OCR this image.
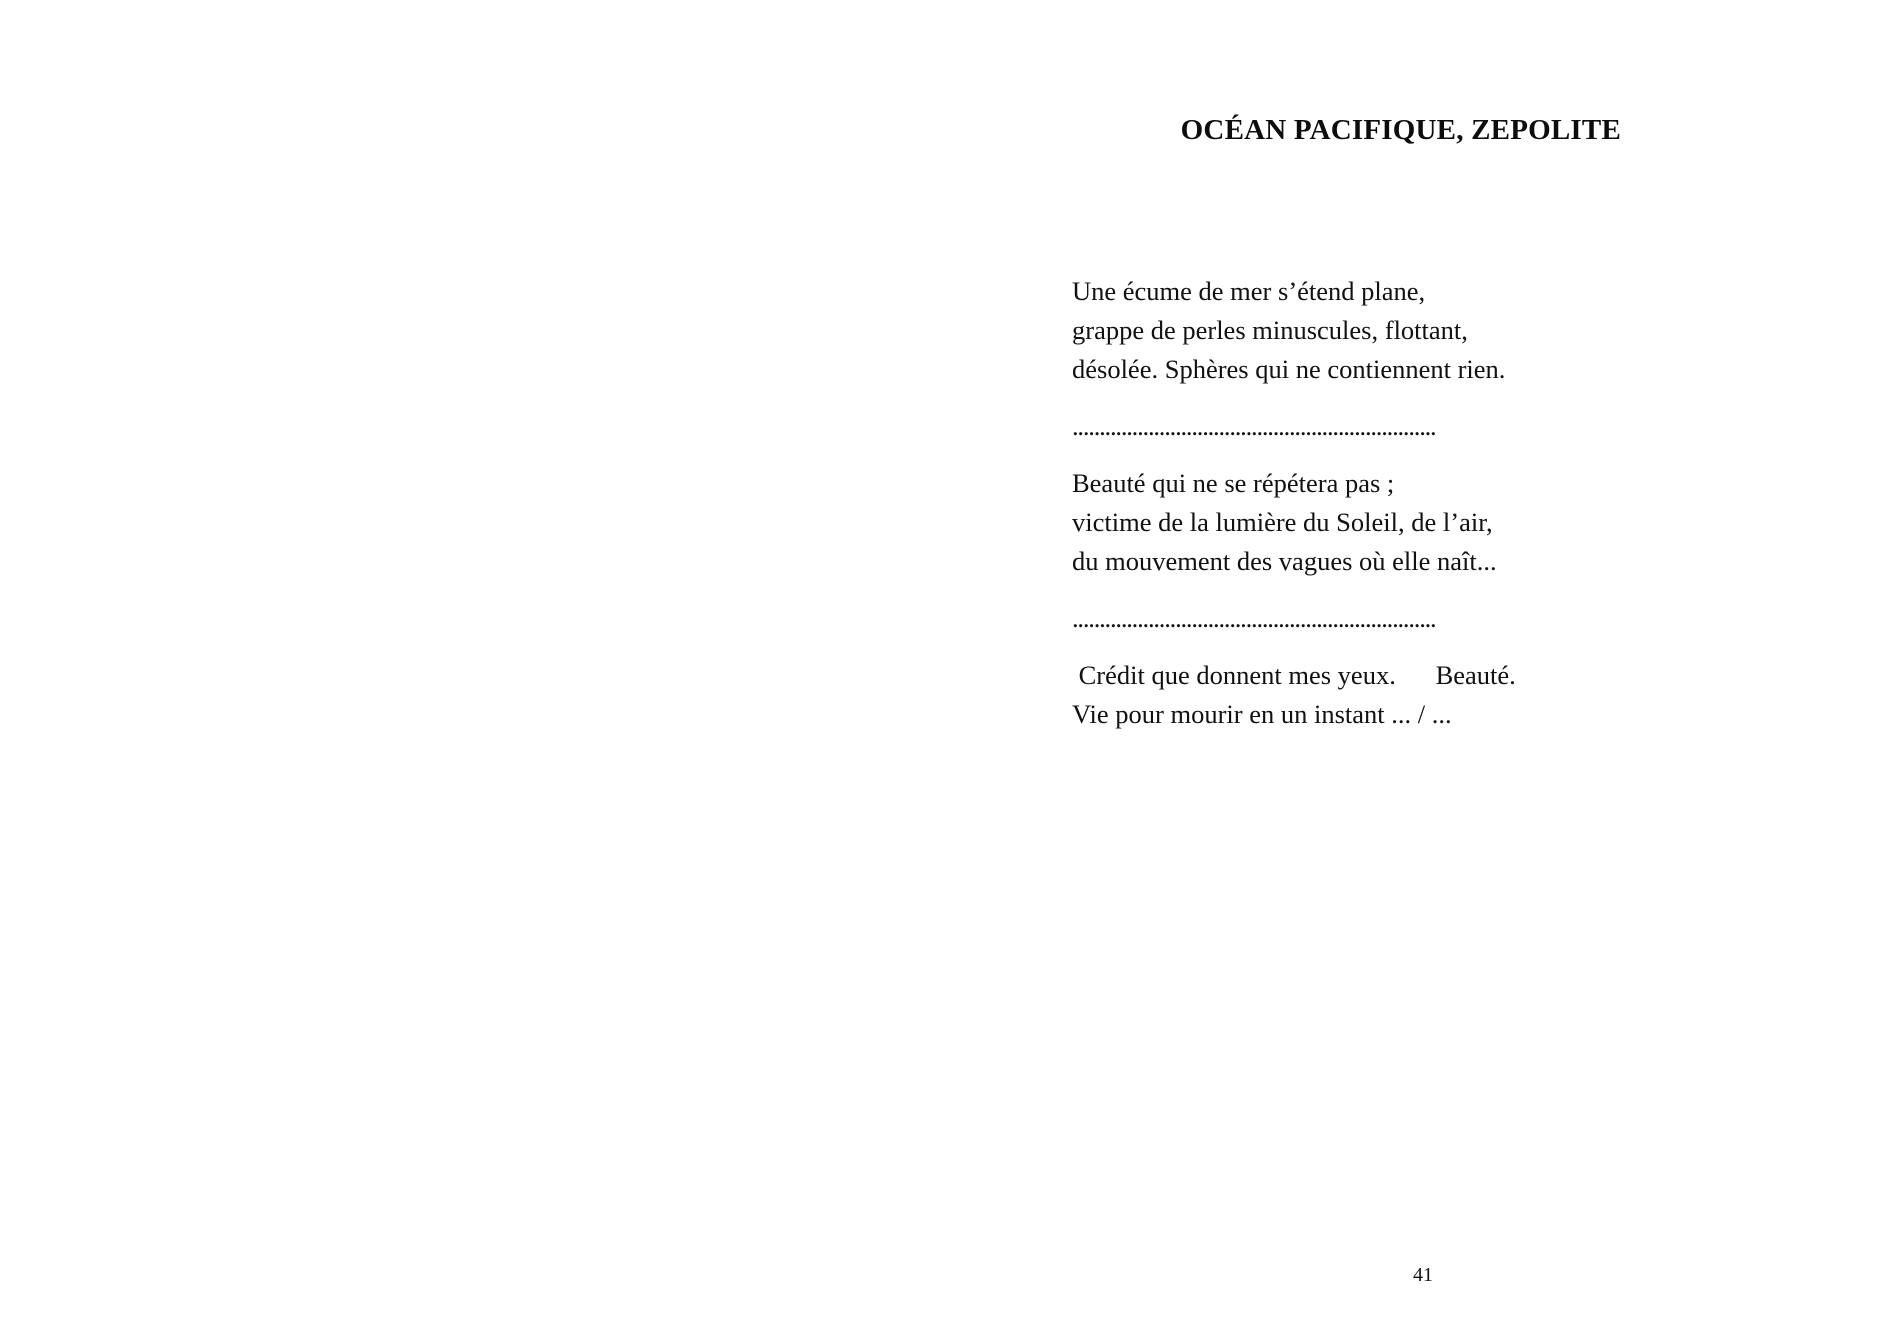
OCÉAN PACIFIQUE, ZEPOLITE

Une écume de mer s’étend plane,
grappe de perles minuscules, flottant,
désolée. Sphères qui ne contiennent rien.

...................................................................

Beauté qui ne se répétera pas ;
victime de la lumière du Soleil, de l’air,
du mouvement des vagues où elle naît...

...................................................................

Crédit que donnent mes yeux.      Beauté.
Vie pour mourir en un instant ... / ...

41
